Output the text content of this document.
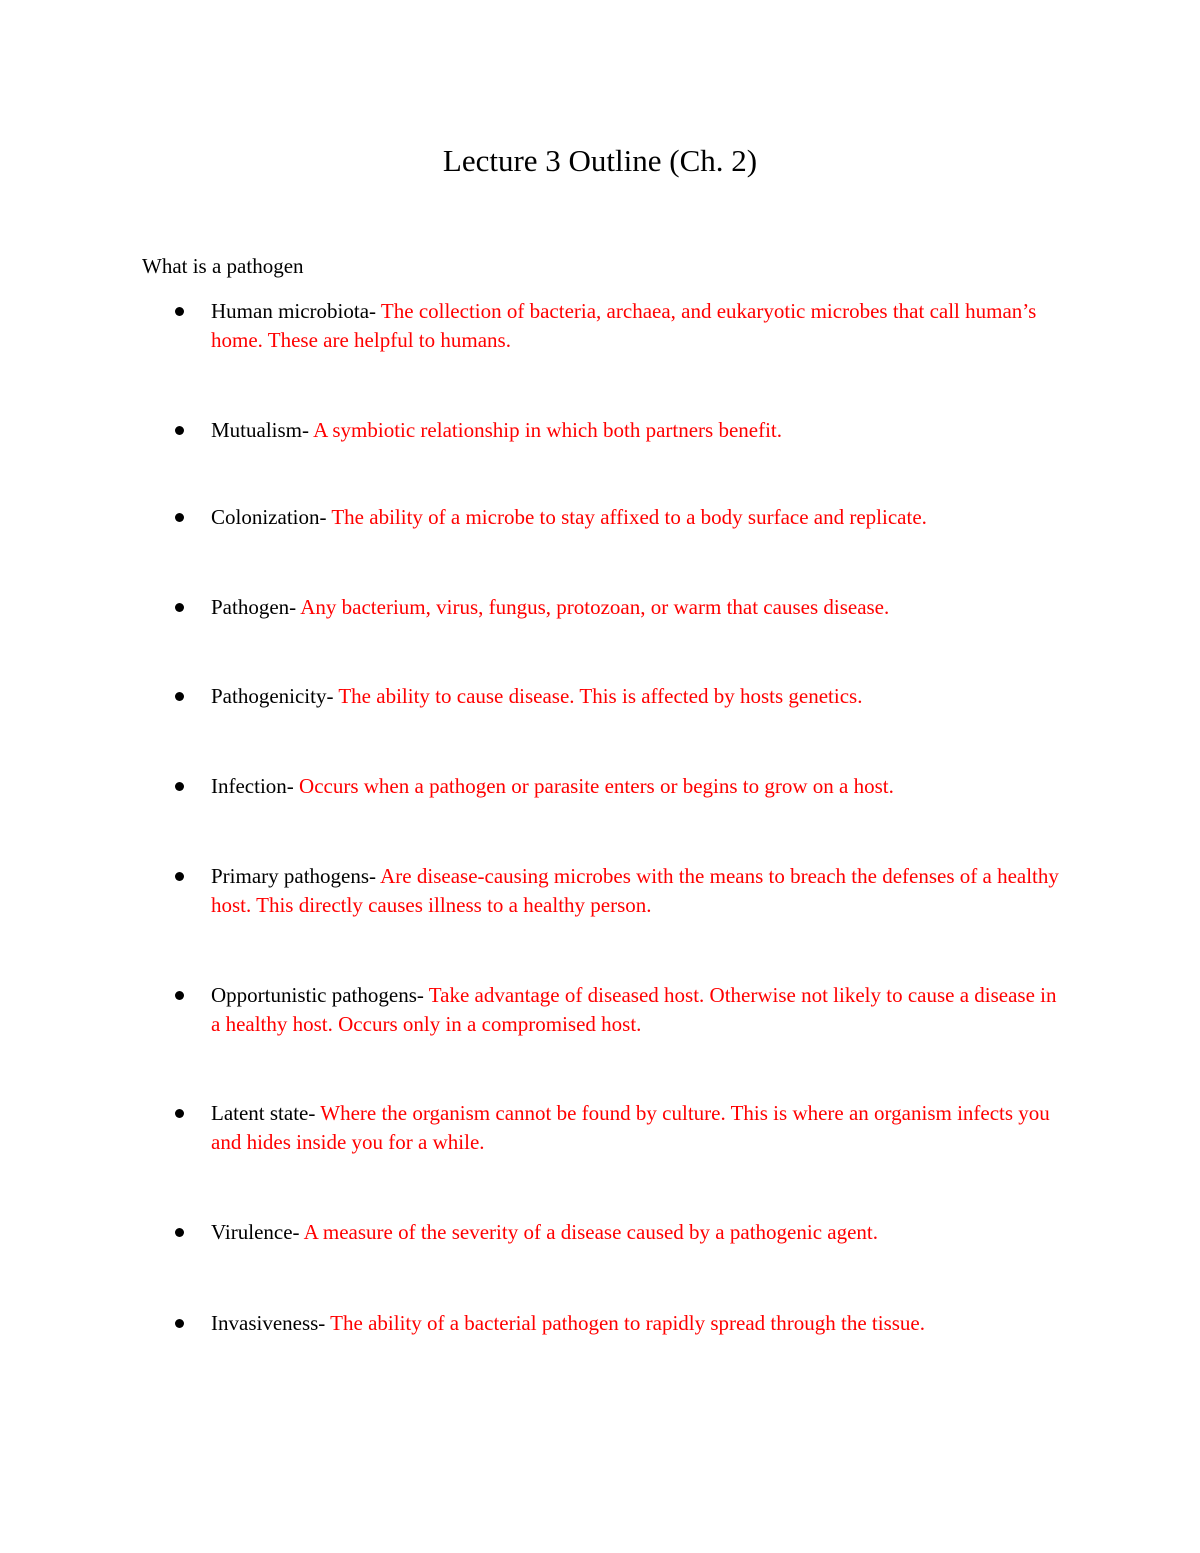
Lecture 3 Outline (Ch. 2)
What is a pathogen
Human microbiota- The collection of bacteria, archaea, and eukaryotic microbes that call human’s home. These are helpful to humans.
Mutualism- A symbiotic relationship in which both partners benefit.
Colonization- The ability of a microbe to stay affixed to a body surface and replicate.
Pathogen- Any bacterium, virus, fungus, protozoan, or warm that causes disease.
Pathogenicity- The ability to cause disease. This is affected by hosts genetics.
Infection- Occurs when a pathogen or parasite enters or begins to grow on a host.
Primary pathogens- Are disease-causing microbes with the means to breach the defenses of a healthy host. This directly causes illness to a healthy person.
Opportunistic pathogens- Take advantage of diseased host. Otherwise not likely to cause a disease in a healthy host. Occurs only in a compromised host.
Latent state- Where the organism cannot be found by culture. This is where an organism infects you and hides inside you for a while.
Virulence- A measure of the severity of a disease caused by a pathogenic agent.
Invasiveness- The ability of a bacterial pathogen to rapidly spread through the tissue.
